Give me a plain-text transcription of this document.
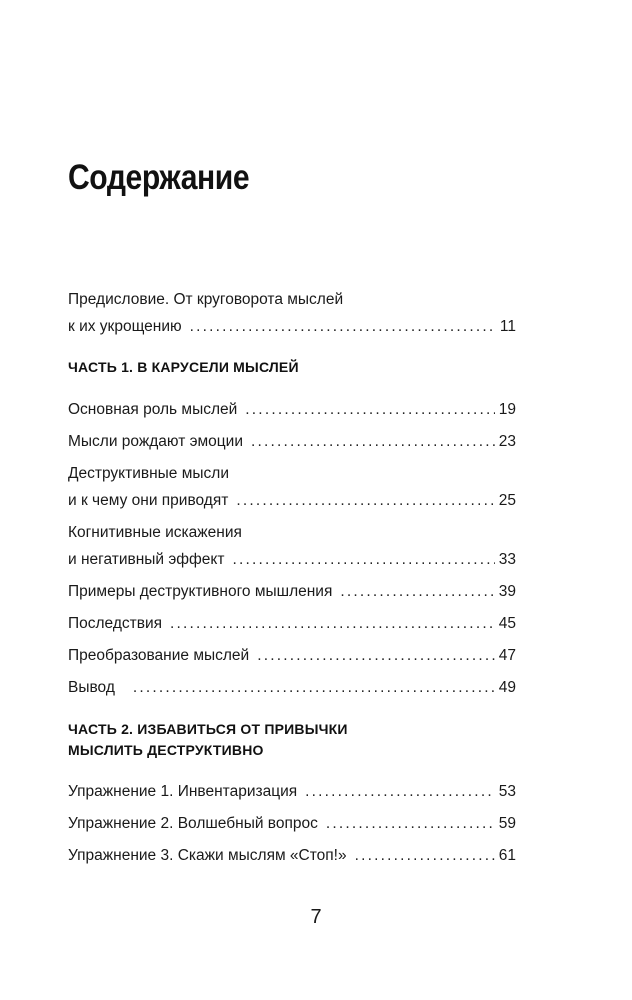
Содержание
Предисловие. От круговорота мыслей
к их укрощению .....	11
ЧАСТЬ 1. В КАРУСЕЛИ МЫСЛЕЙ
Основная роль мыслей .....	19
Мысли рождают эмоции .....	23
Деструктивные мысли
и к чему они приводят .....	25
Когнитивные искажения
и негативный эффект .....	33
Примеры деструктивного мышления .....	39
Последствия .....	45
Преобразование мыслей .....	47
Вывод .....	49
ЧАСТЬ 2. ИЗБАВИТЬСЯ ОТ ПРИВЫЧКИ
МЫСЛИТЬ ДЕСТРУКТИВНО
Упражнение 1. Инвентаризация .....	53
Упражнение 2. Волшебный вопрос .....	59
Упражнение 3. Скажи мыслям «Стоп!» .....	61
7
